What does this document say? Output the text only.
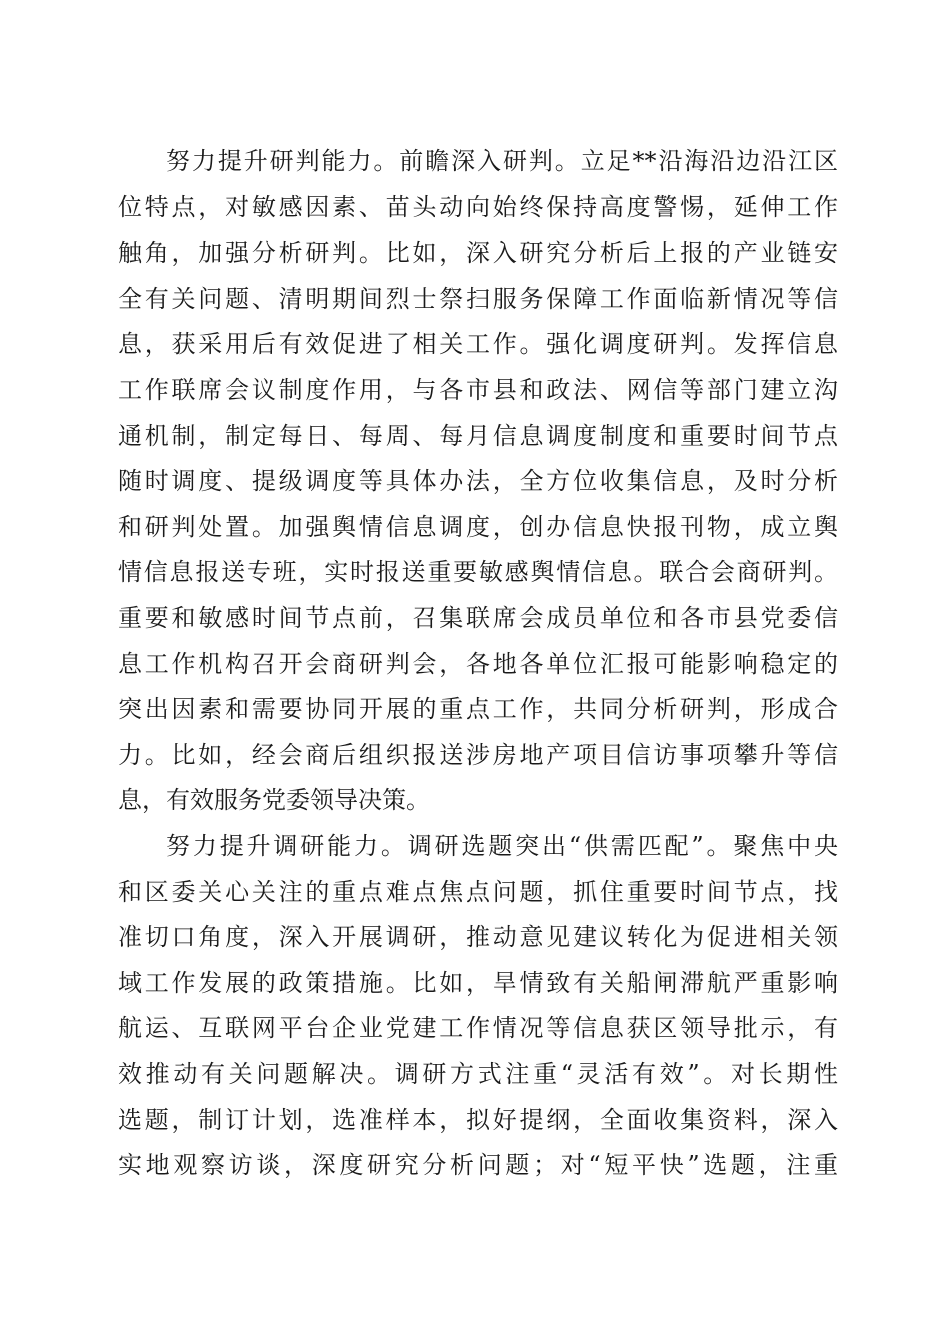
努力提升研判能力。前瞻深入研判。立足**沿海沿边沿江区
位特点，对敏感因素、苗头动向始终保持高度警惕，延伸工作
触角，加强分析研判。比如，深入研究分析后上报的产业链安
全有关问题、清明期间烈士祭扫服务保障工作面临新情况等信
息，获采用后有效促进了相关工作。强化调度研判。发挥信息
工作联席会议制度作用，与各市县和政法、网信等部门建立沟
通机制，制定每日、每周、每月信息调度制度和重要时间节点
随时调度、提级调度等具体办法，全方位收集信息，及时分析
和研判处置。加强舆情信息调度，创办信息快报刊物，成立舆
情信息报送专班，实时报送重要敏感舆情信息。联合会商研判。
重要和敏感时间节点前，召集联席会成员单位和各市县党委信
息工作机构召开会商研判会，各地各单位汇报可能影响稳定的
突出因素和需要协同开展的重点工作，共同分析研判，形成合
力。比如，经会商后组织报送涉房地产项目信访事项攀升等信
息，有效服务党委领导决策。
努力提升调研能力。调研选题突出“供需匹配”。聚焦中央
和区委关心关注的重点难点焦点问题，抓住重要时间节点，找
准切口角度，深入开展调研，推动意见建议转化为促进相关领
域工作发展的政策措施。比如，旱情致有关船闸滞航严重影响
航运、互联网平台企业党建工作情况等信息获区领导批示，有
效推动有关问题解决。调研方式注重“灵活有效”。对长期性
选题，制订计划，选准样本，拟好提纲，全面收集资料，深入
实地观察访谈，深度研究分析问题；对“短平快”选题，注重
